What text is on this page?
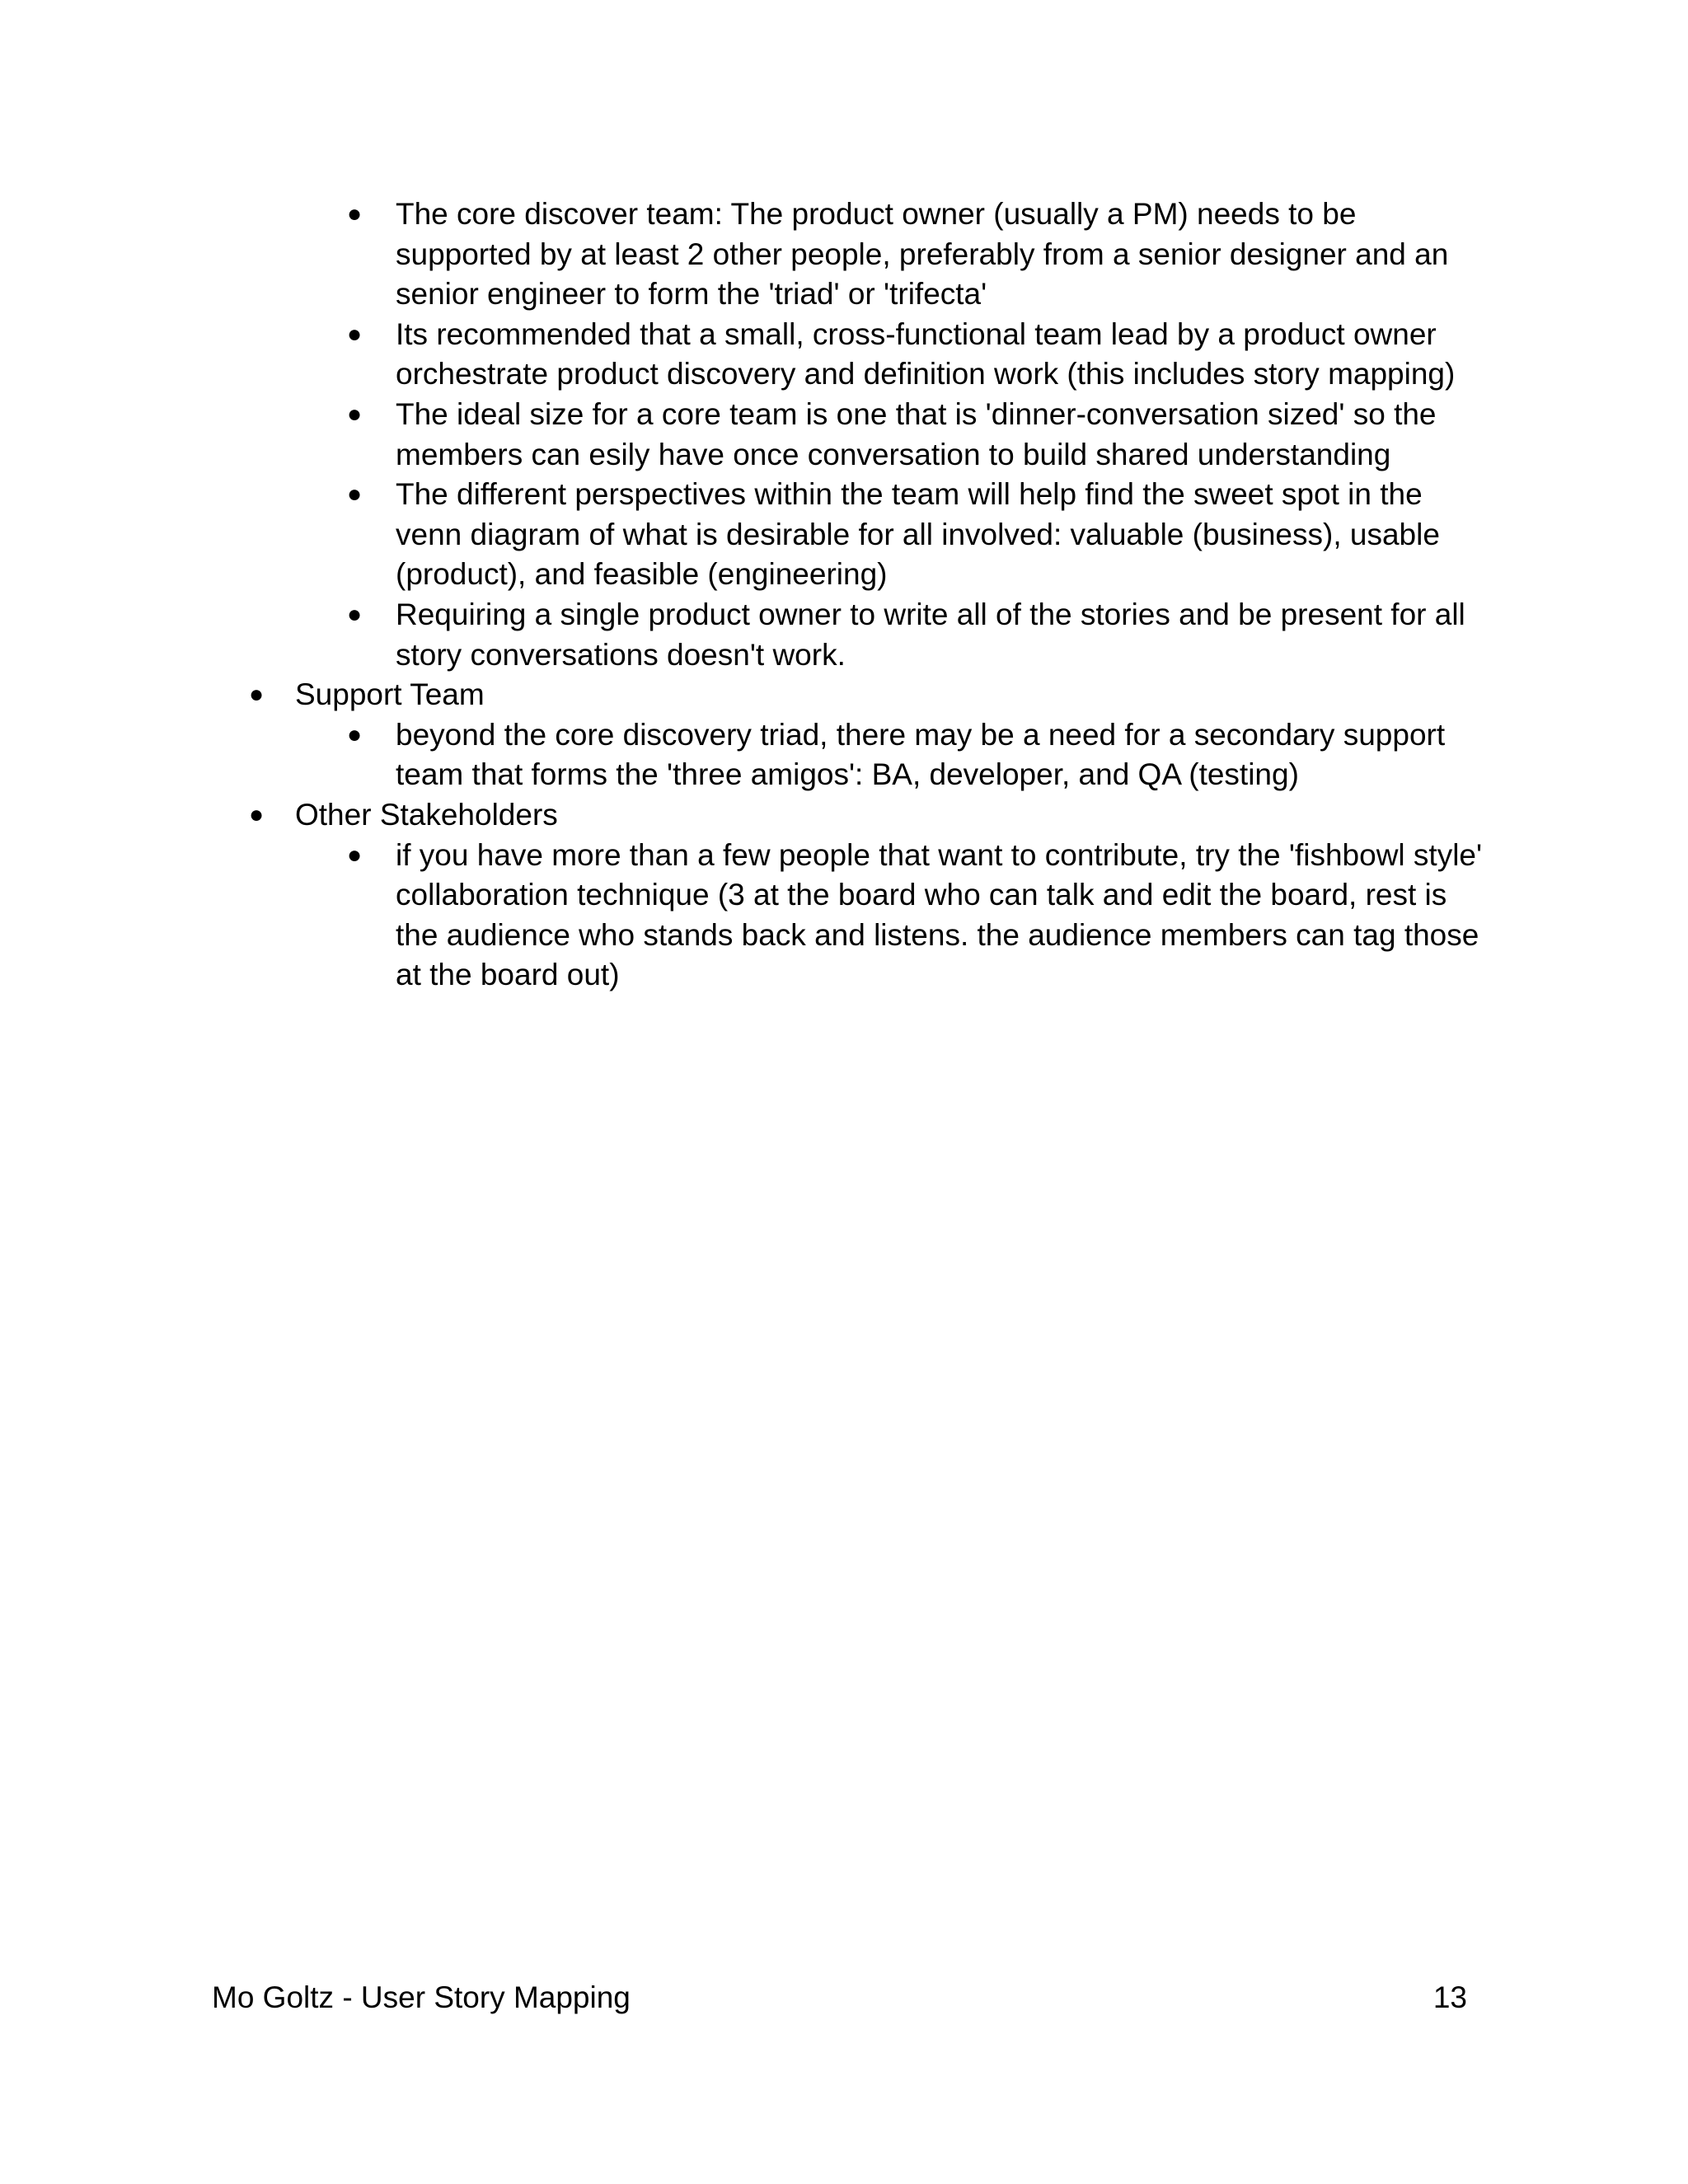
● The core discover team: The product owner (usually a PM) needs to be
supported by at least 2 other people, preferably from a senior designer and an
senior engineer to form the 'triad' or 'trifecta'
● Its recommended that a small, cross-functional team lead by a product owner
orchestrate product discovery and definition work (this includes story mapping)
● The ideal size for a core team is one that is 'dinner-conversation sized' so the
members can esily have once conversation to build shared understanding
● The different perspectives within the team will help find the sweet spot in the
venn diagram of what is desirable for all involved: valuable (business), usable
(product), and feasible (engineering)
● Requiring a single product owner to write all of the stories and be present for all
story conversations doesn't work.
● Support Team
● beyond the core discovery triad, there may be a need for a secondary support
team that forms the 'three amigos': BA, developer, and QA (testing)
● Other Stakeholders
● if you have more than a few people that want to contribute, try the 'fishbowl style'
collaboration technique (3 at the board who can talk and edit the board, rest is
the audience who stands back and listens. the audience members can tag those
at the board out)
Mo Goltz - User Story Mapping	13
